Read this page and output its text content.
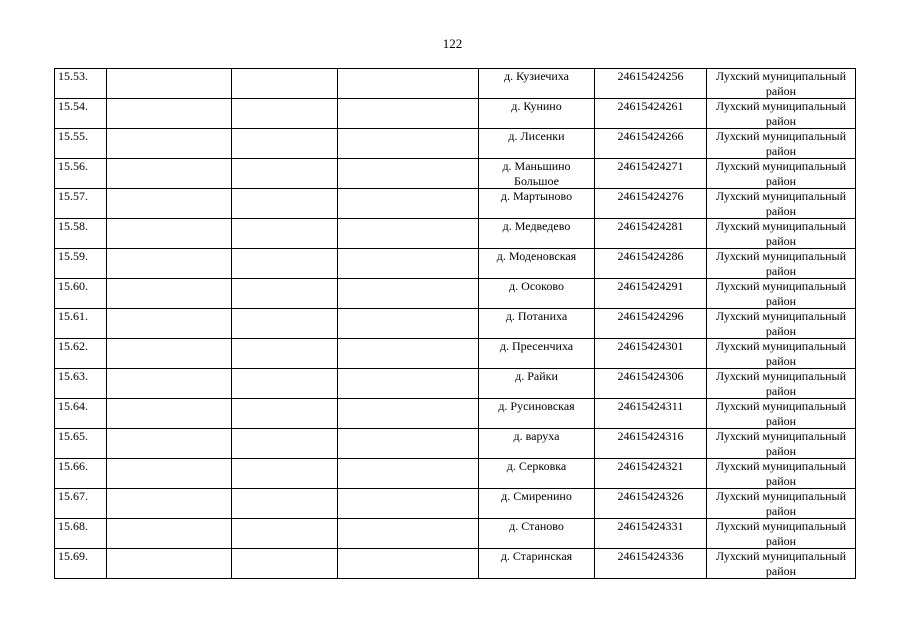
122
15.53.				д. Кузиечиха	24615424256	Лухский муниципальный район
15.54.				д. Кунино	24615424261	Лухский муниципальный район
15.55.				д. Лисенки	24615424266	Лухский муниципальный район
15.56.				д. Маньшино Большое	24615424271	Лухский муниципальный район
15.57.				д. Мартыново	24615424276	Лухский муниципальный район
15.58.				д. Медведево	24615424281	Лухский муниципальный район
15.59.				д. Моденовская	24615424286	Лухский муниципальный район
15.60.				д. Осоково	24615424291	Лухский муниципальный район
15.61.				д. Потаниха	24615424296	Лухский муниципальный район
15.62.				д. Пресенчиха	24615424301	Лухский муниципальный район
15.63.				д. Райки	24615424306	Лухский муниципальный район
15.64.				д. Русиновская	24615424311	Лухский муниципальный район
15.65.				д. варуха	24615424316	Лухский муниципальный район
15.66.				д. Серковка	24615424321	Лухский муниципальный район
15.67.				д. Смиренино	24615424326	Лухский муниципальный район
15.68.				д. Станово	24615424331	Лухский муниципальный район
15.69.				д. Старинская	24615424336	Лухский муниципальный район
